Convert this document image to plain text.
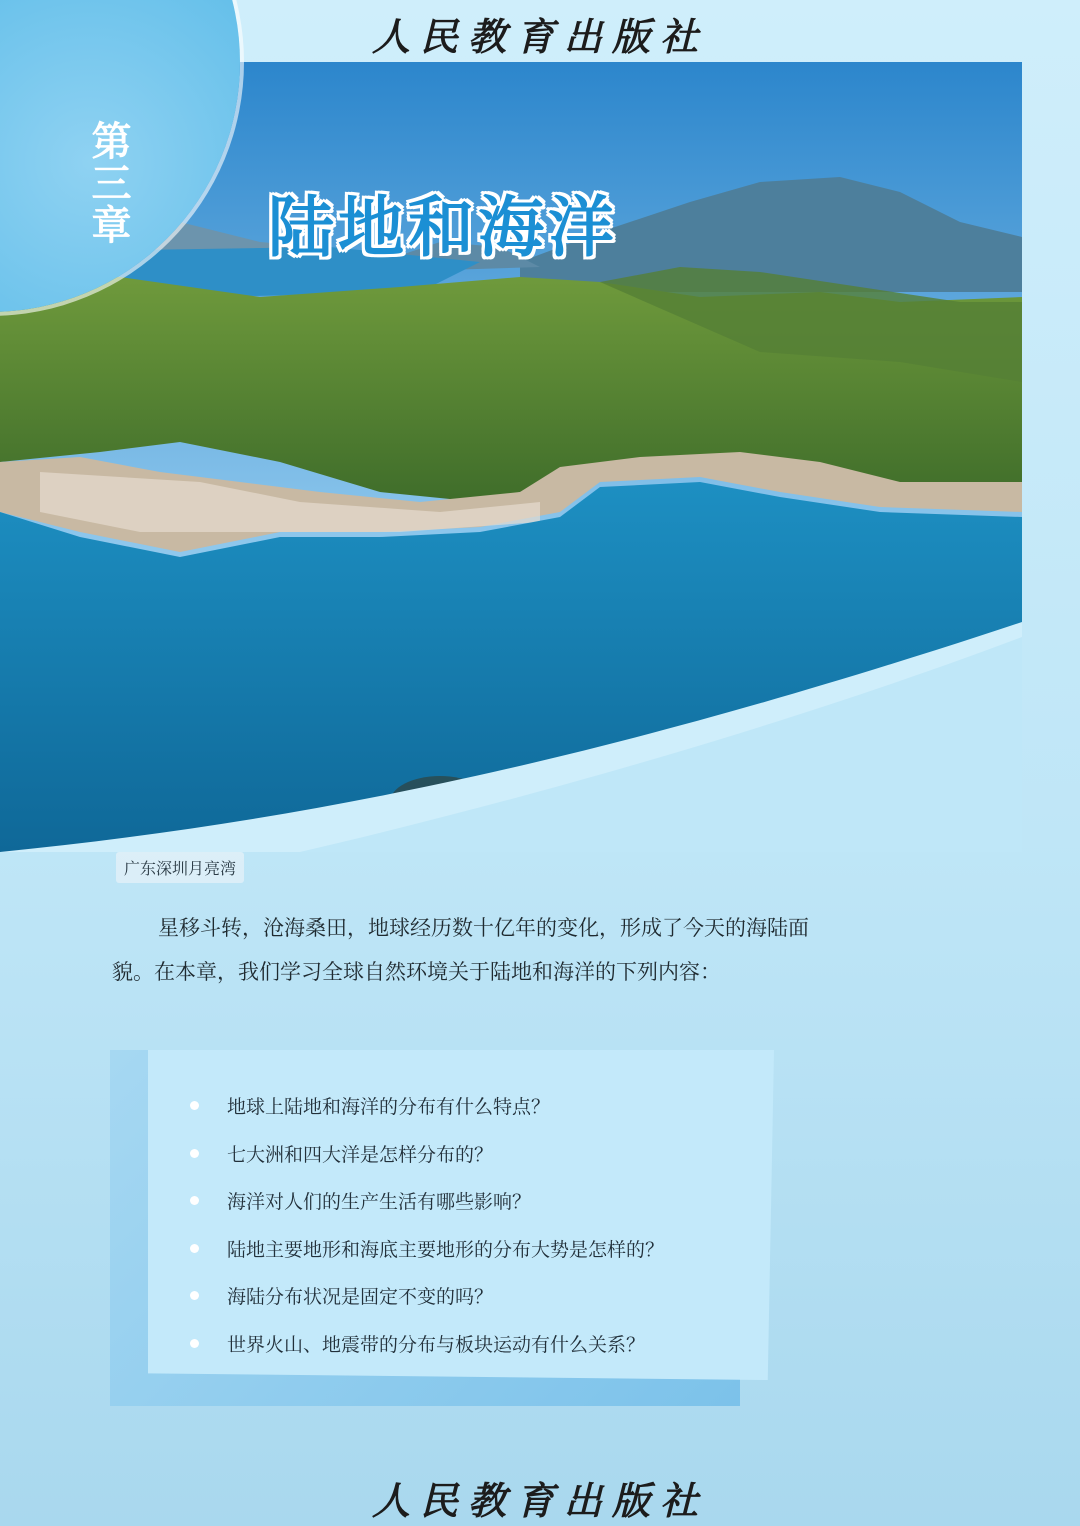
人民教育出版社
第三章 陆地和海洋
广东深圳月亮湾

星移斗转，沧海桑田，地球经历数十亿年的变化，形成了今天的海陆面貌。在本章，我们学习全球自然环境关于陆地和海洋的下列内容：

地球上陆地和海洋的分布有什么特点？
七大洲和四大洋是怎样分布的？
海洋对人们的生产生活有哪些影响？
陆地主要地形和海底主要地形的分布大势是怎样的？
海陆分布状况是固定不变的吗？
世界火山、地震带的分布与板块运动有什么关系？
人民教育出版社
